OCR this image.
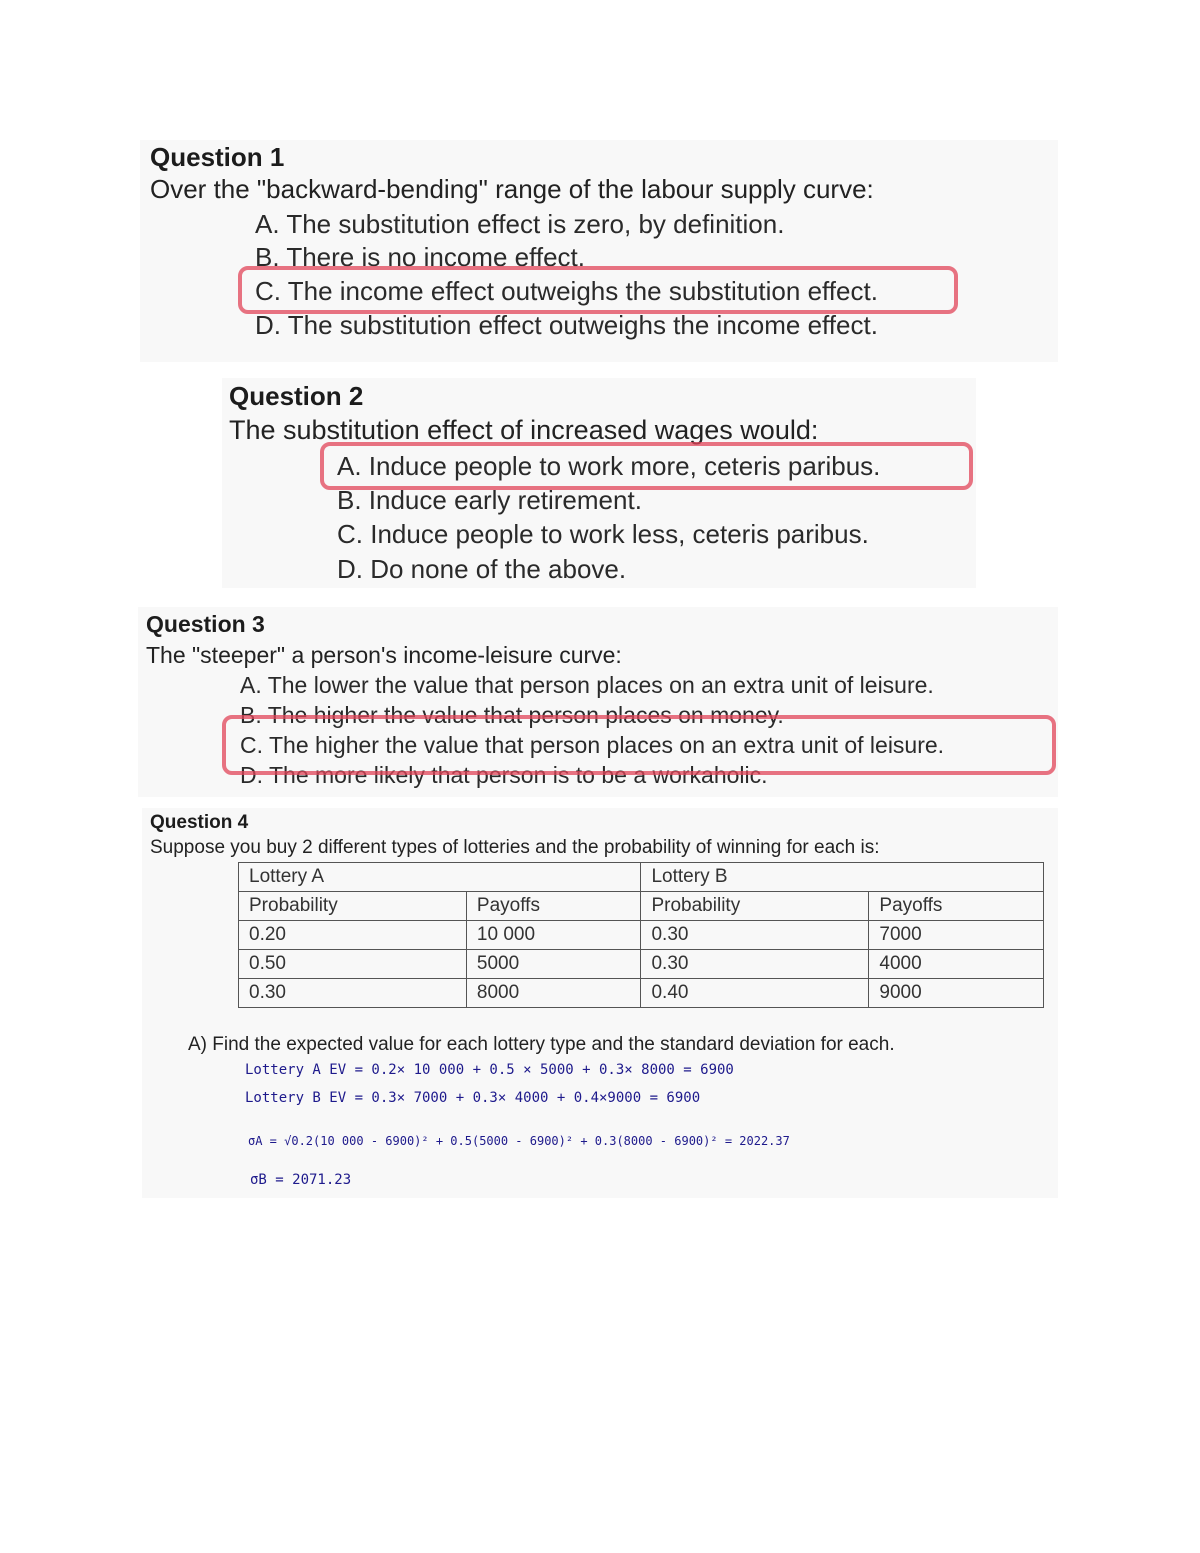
Question 1
Over the "backward-bending" range of the labour supply curve:
A. The substitution effect is zero, by definition.
B. There is no income effect.
C. The income effect outweighs the substitution effect.
D. The substitution effect outweighs the income effect.
Question 2
The substitution effect of increased wages would:
A. Induce people to work more, ceteris paribus.
B. Induce early retirement.
C. Induce people to work less, ceteris paribus.
D. Do none of the above.
Question 3
The "steeper" a person's income-leisure curve:
A. The lower the value that person places on an extra unit of leisure.
B. The higher the value that person places on money.
C. The higher the value that person places on an extra unit of leisure.
D. The more likely that person is to be a workaholic.
Question 4
Suppose you buy 2 different types of lotteries and the probability of winning for each is:
Lottery A		Lottery B	
Probability	Payoffs	Probability	Payoffs
0.20	10 000	0.30	7000
0.50	5000	0.30	4000
0.30	8000	0.40	9000
A) Find the expected value for each lottery type and the standard deviation for each.
Lottery A EV = 0.2× 10 000 + 0.5 × 5000 + 0.3× 8000 = 6900
Lottery B EV = 0.3× 7000 + 0.3× 4000 + 0.4×9000 = 6900
σA = √0.2(10 000 - 6900)² + 0.5(5000 - 6900)² + 0.3(8000 - 6900)² = 2022.37
σB = 2071.23
